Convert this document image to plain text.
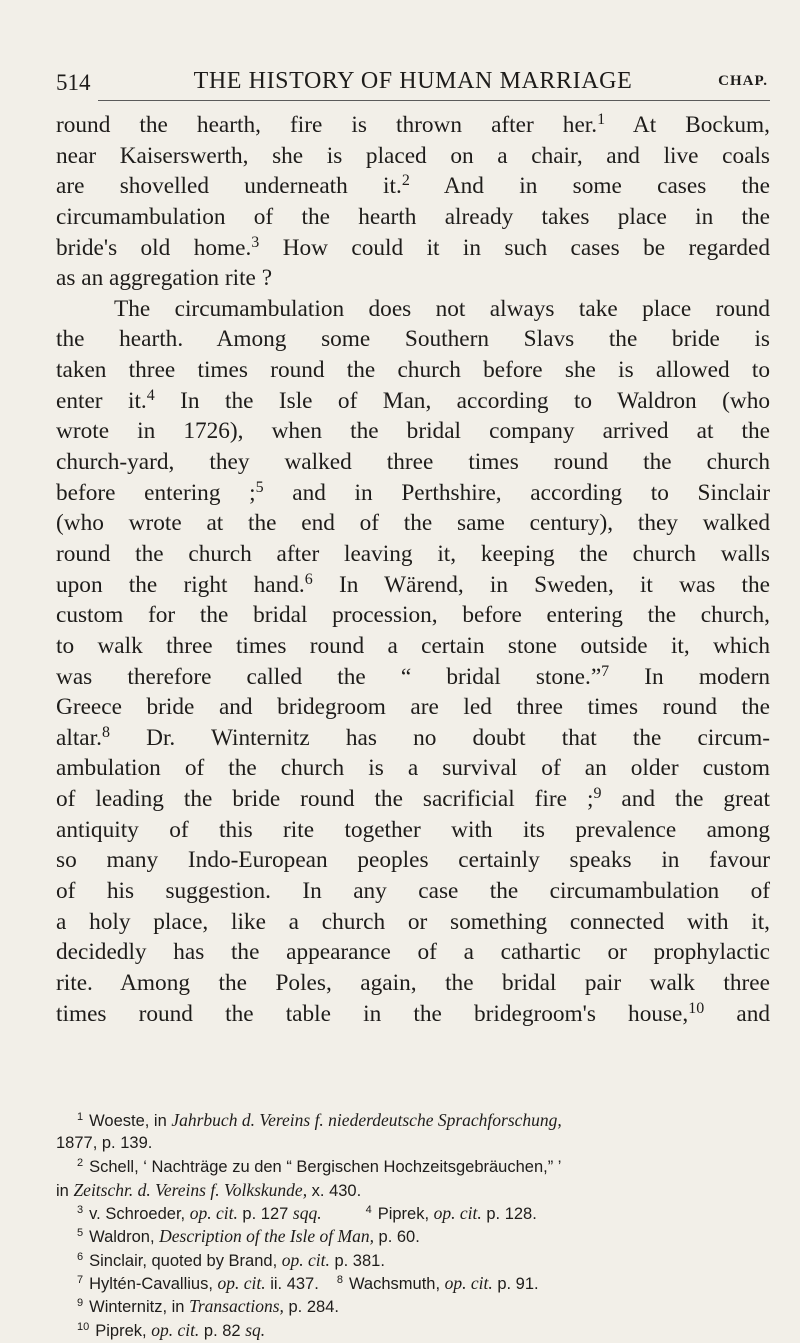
514	THE HISTORY OF HUMAN MARRIAGE	CHAP.
round the hearth, fire is thrown after her.$^1$ At Bockum,
near Kaiserswerth, she is placed on a chair, and live coals
are shovelled underneath it.$^2$ And in some cases the
circumambulation of the hearth already takes place in the
bride's old home.$^3$ How could it in such cases be regarded
as an aggregation rite ?
The circumambulation does not always take place round
the hearth. Among some Southern Slavs the bride is
taken three times round the church before she is allowed to
enter it.$^4$ In the Isle of Man, according to Waldron (who
wrote in 1726), when the bridal company arrived at the
church-yard, they walked three times round the church
before entering ;$^5$ and in Perthshire, according to Sinclair
(who wrote at the end of the same century), they walked
round the church after leaving it, keeping the church walls
upon the right hand.$^6$ In Wärend, in Sweden, it was the
custom for the bridal procession, before entering the church,
to walk three times round a certain stone outside it, which
was therefore called the “ bridal stone.”$^7$ In modern
Greece bride and bridegroom are led three times round the
altar.$^8$ Dr. Winternitz has no doubt that the circum-
ambulation of the church is a survival of an older custom
of leading the bride round the sacrificial fire ;$^9$ and the great
antiquity of this rite together with its prevalence among
so many Indo-European peoples certainly speaks in favour
of his suggestion. In any case the circumambulation of
a holy place, like a church or something connected with it,
decidedly has the appearance of a cathartic or prophylactic
rite. Among the Poles, again, the bridal pair walk three
times round the table in the bridegroom's house,$^{10}$ and
$^1$ Woeste, in Jahrbuch d. Vereins f. niederdeutsche Sprachforschung,
1877, p. 139.
$^2$ Schell, ‘ Nachträge zu den “ Bergischen Hochzeitsgebräuchen,” ’
in Zeitschr. d. Vereins f. Volkskunde, x. 430.
$^3$ v. Schroeder, op. cit. p. 127 sqq.	$^4$ Piprek, op. cit. p. 128.
$^5$ Waldron, Description of the Isle of Man, p. 60.
$^6$ Sinclair, quoted by Brand, op. cit. p. 381.
$^7$ Hyltén-Cavallius, op. cit. ii. 437. $^8$ Wachsmuth, op. cit. p. 91.
$^9$ Winternitz, in Transactions, p. 284.
$^{10}$ Piprek, op. cit. p. 82 sq.
